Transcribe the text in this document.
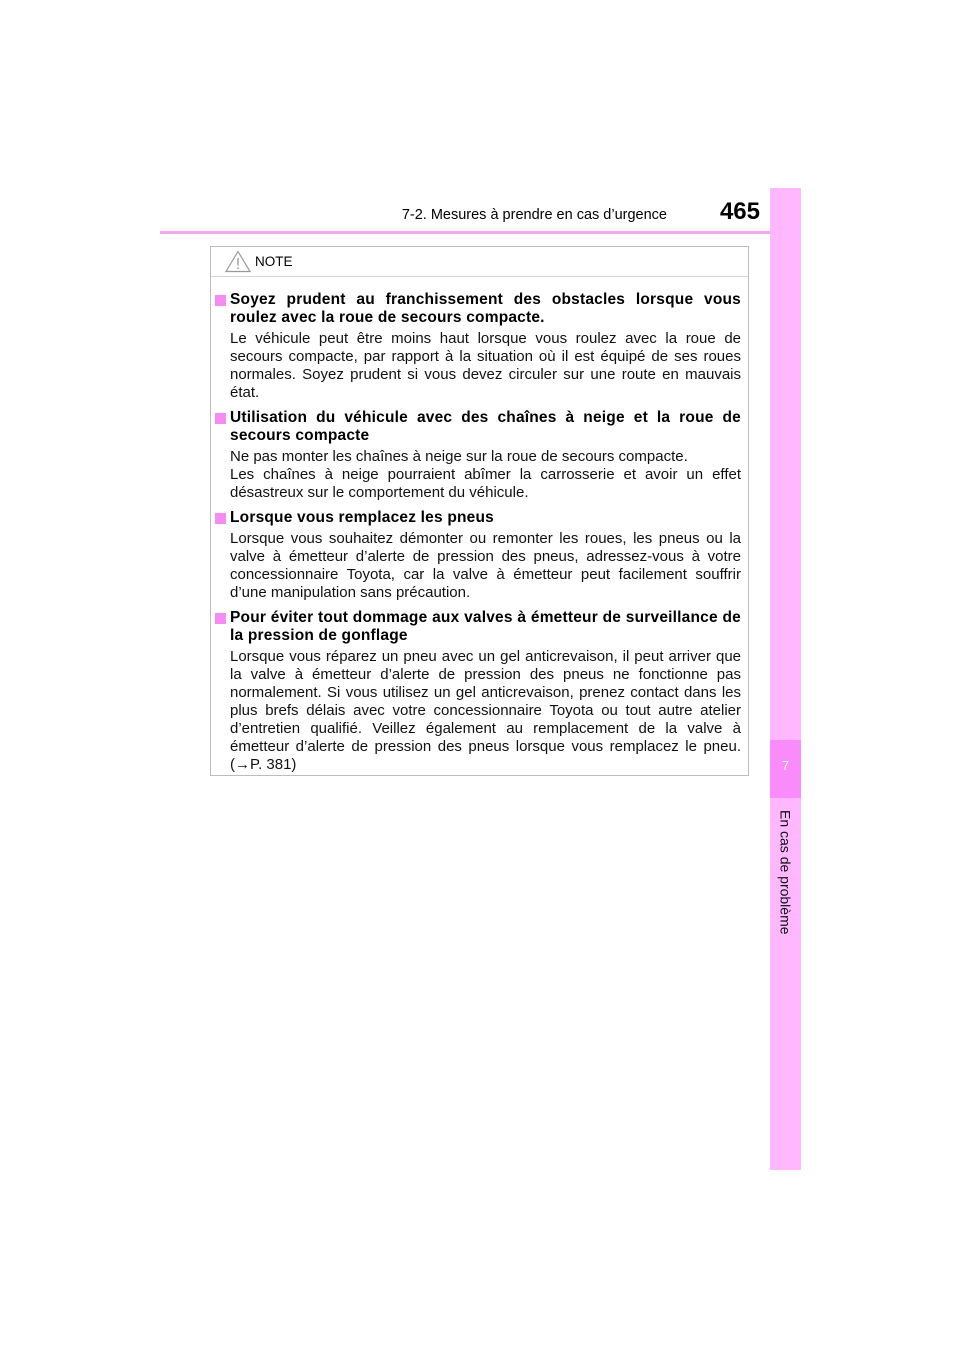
7-2. Mesures à prendre en cas d’urgence	465
7
En cas de problème
NOTE
Soyez prudent au franchissement des obstacles lorsque vous roulez avec la roue de secours compacte.

Le véhicule peut être moins haut lorsque vous roulez avec la roue de secours compacte, par rapport à la situation où il est équipé de ses roues normales. Soyez prudent si vous devez circuler sur une route en mauvais état.

Utilisation du véhicule avec des chaînes à neige et la roue de secours compacte

Ne pas monter les chaînes à neige sur la roue de secours compacte.

Les chaînes à neige pourraient abîmer la carrosserie et avoir un effet désastreux sur le comportement du véhicule.

Lorsque vous remplacez les pneus

Lorsque vous souhaitez démonter ou remonter les roues, les pneus ou la valve à émetteur d’alerte de pression des pneus, adressez-vous à votre concessionnaire Toyota, car la valve à émetteur peut facilement souffrir d’une manipulation sans précaution.

Pour éviter tout dommage aux valves à émetteur de surveillance de la pression de gonflage

Lorsque vous réparez un pneu avec un gel anticrevaison, il peut arriver que la valve à émetteur d’alerte de pression des pneus ne fonctionne pas normalement. Si vous utilisez un gel anticrevaison, prenez contact dans les plus brefs délais avec votre concessionnaire Toyota ou tout autre atelier d’entretien qualifié. Veillez également au remplacement de la valve à émetteur d’alerte de pression des pneus lorsque vous remplacez le pneu. (→P. 381)
